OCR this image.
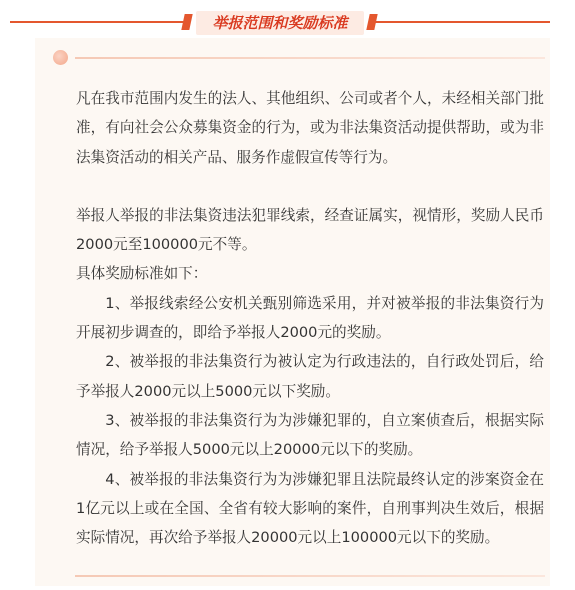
举报范围和奖励标准

凡在我市范围内发生的法人、其他组织、公司或者个人，未经相关部门批准，有向社会公众募集资金的行为，或为非法集资活动提供帮助，或为非法集资活动的相关产品、服务作虚假宣传等行为。

举报人举报的非法集资违法犯罪线索，经查证属实，视情形，奖励人民币2000元至100000元不等。

具体奖励标准如下：

1、举报线索经公安机关甄别筛选采用，并对被举报的非法集资行为开展初步调查的，即给予举报人2000元的奖励。

2、被举报的非法集资行为被认定为行政违法的，自行政处罚后，给予举报人2000元以上5000元以下奖励。

3、被举报的非法集资行为为涉嫌犯罪的，自立案侦查后，根据实际情况，给予举报人5000元以上20000元以下的奖励。

4、被举报的非法集资行为为涉嫌犯罪且法院最终认定的涉案资金在1亿元以上或在全国、全省有较大影响的案件，自刑事判决生效后，根据实际情况，再次给予举报人20000元以上100000元以下的奖励。
